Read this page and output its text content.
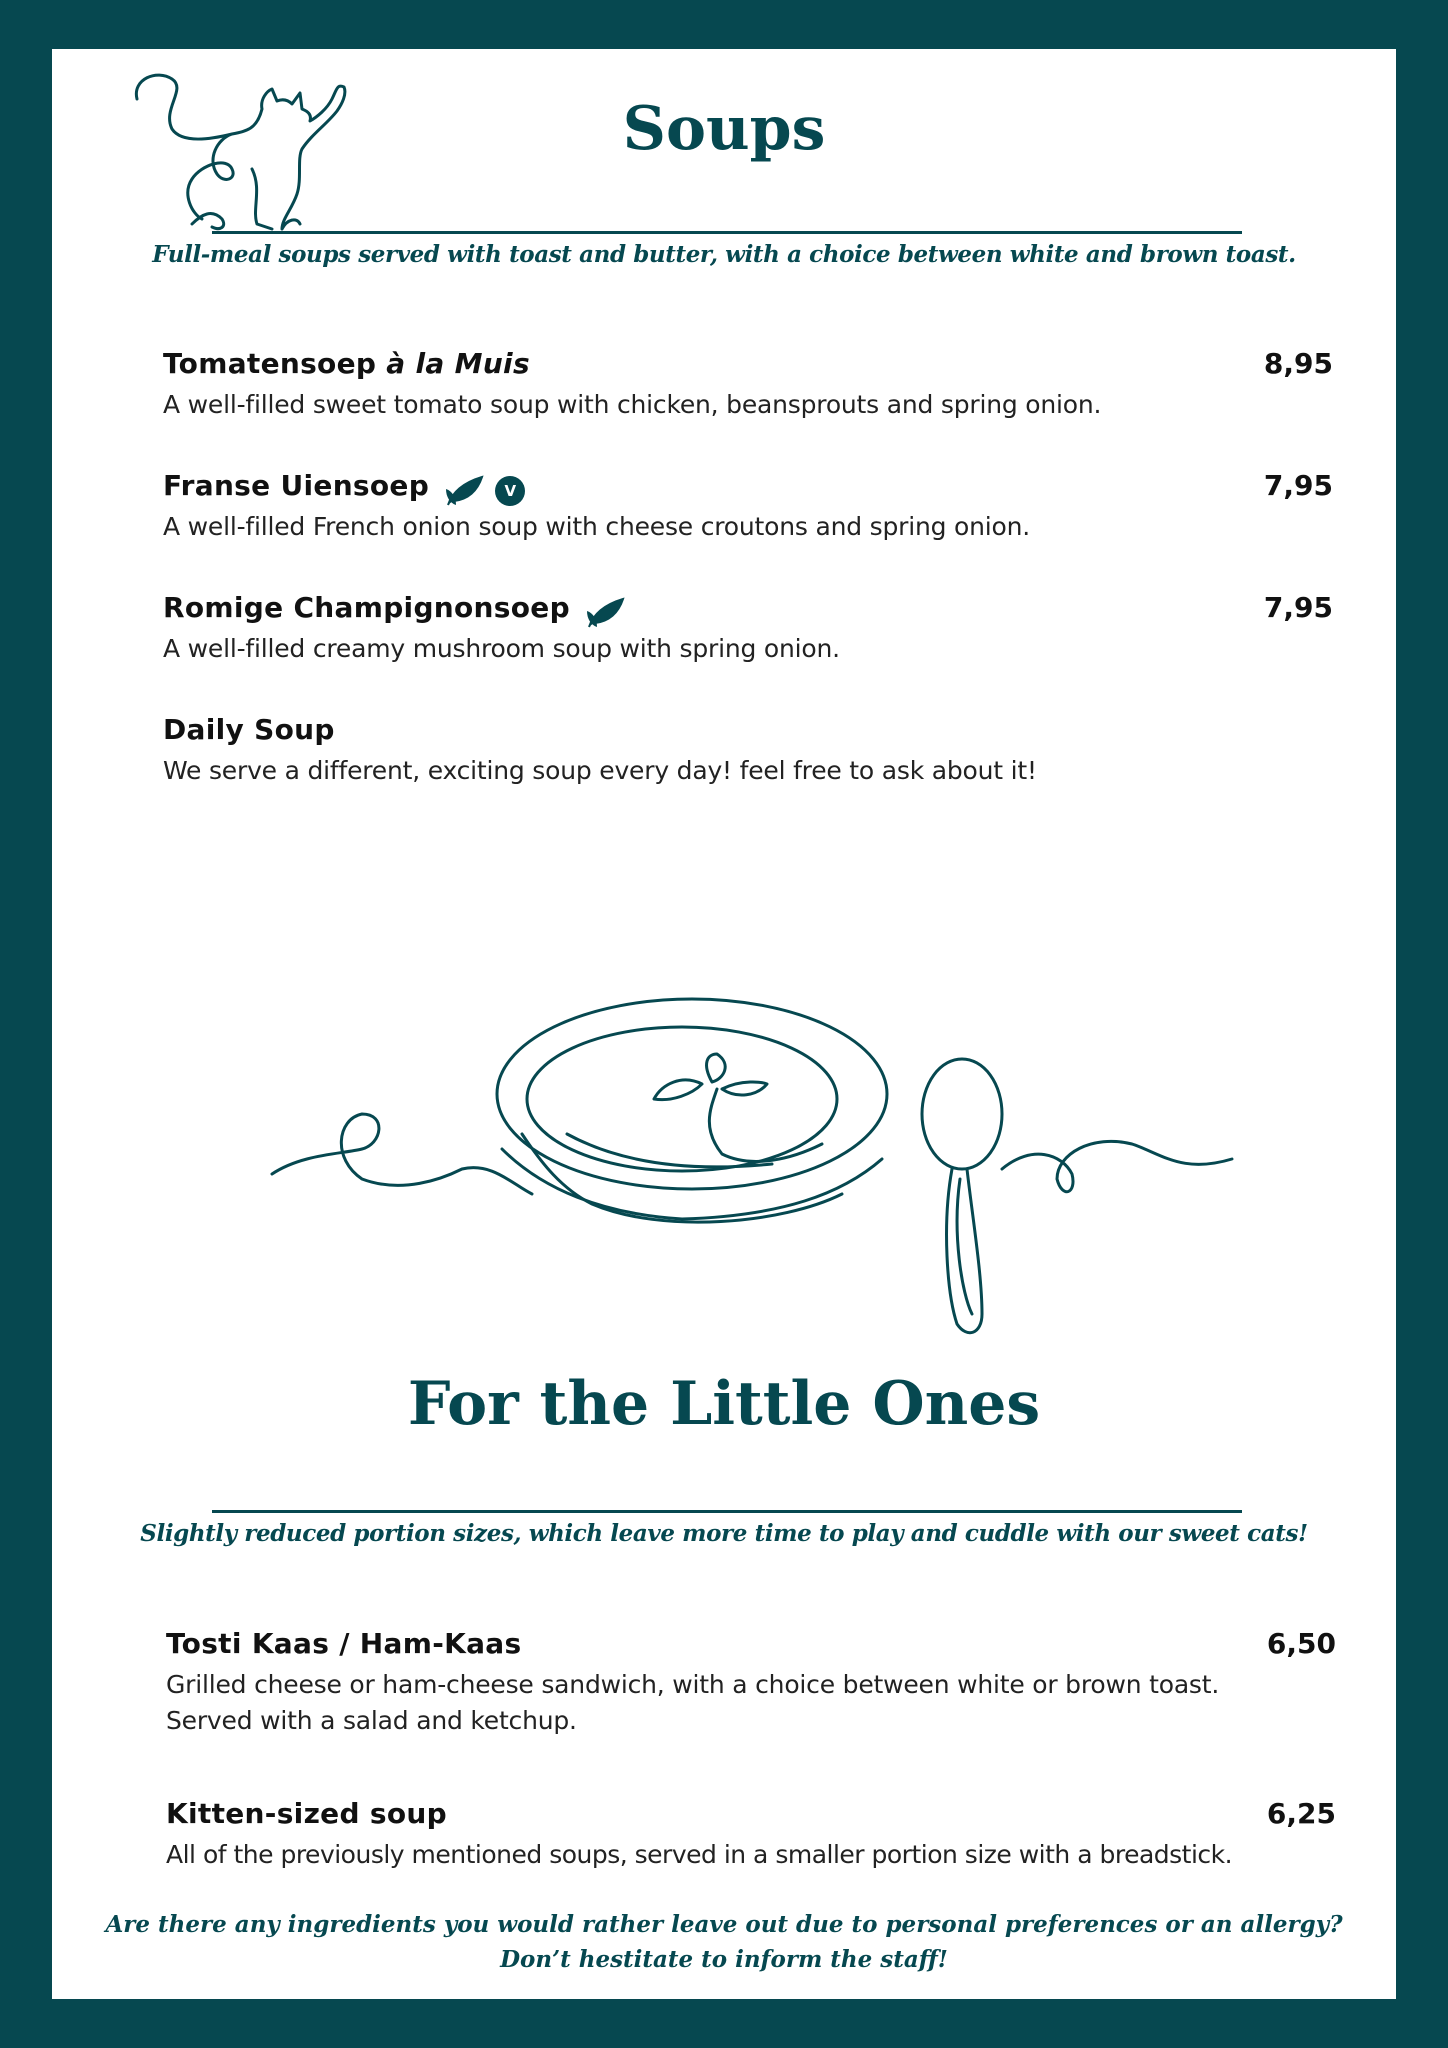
Soups
Full-meal soups served with toast and butter, with a choice between white and brown toast.
Tomatensoep à la Muis	8,95
A well-filled sweet tomato soup with chicken, beansprouts and spring onion.
Franse Uiensoep	V	7,95
A well-filled French onion soup with cheese croutons and spring onion.
Romige Champignonsoep	7,95
A well-filled creamy mushroom soup with spring onion.
Daily Soup
We serve a different, exciting soup every day! feel free to ask about it!
For the Little Ones
Slightly reduced portion sizes, which leave more time to play and cuddle with our sweet cats!
Tosti Kaas / Ham-Kaas	6,50
Grilled cheese or ham-cheese sandwich, with a choice between white or brown toast.
Served with a salad and ketchup.
Kitten-sized soup	6,25
All of the previously mentioned soups, served in a smaller portion size with a breadstick.
Are there any ingredients you would rather leave out due to personal preferences or an allergy?
Don’t hestitate to inform the staff!
